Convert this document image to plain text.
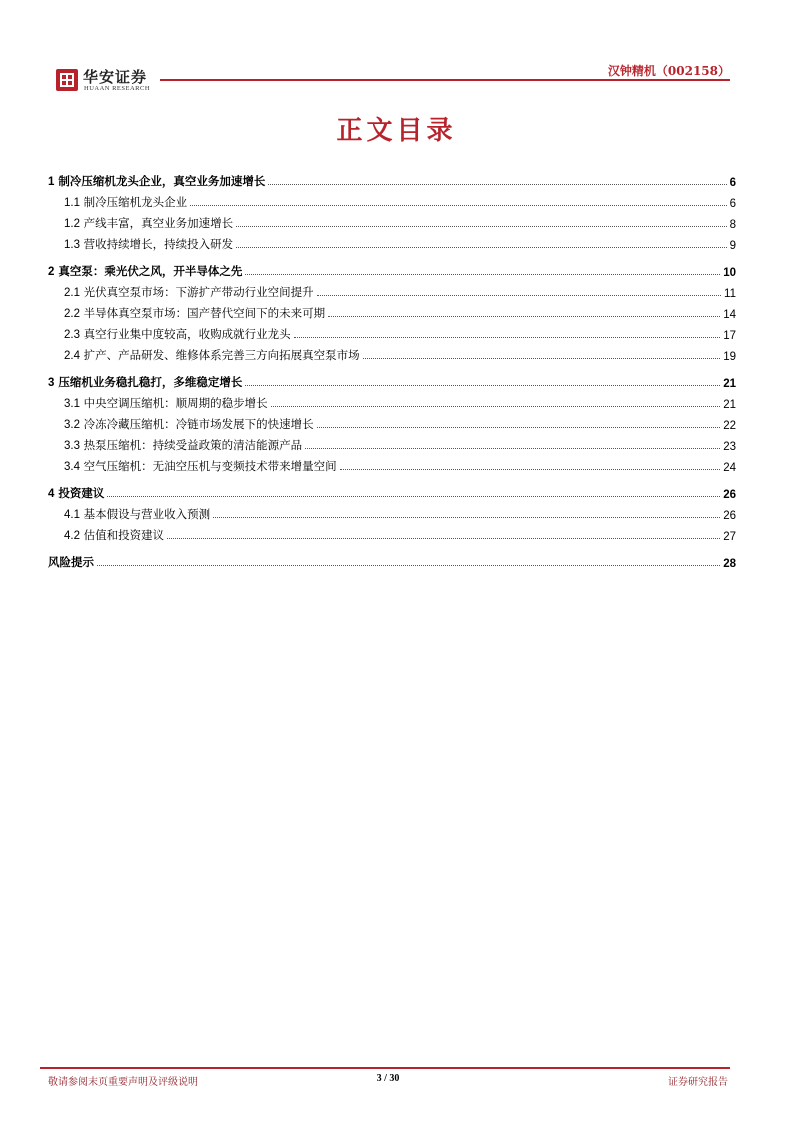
华安证券
HUAAN RESEARCH
汉钟精机（002158）
正文目录
1 制冷压缩机龙头企业，真空业务加速增长	6
1.1 制冷压缩机龙头企业	6
1.2 产线丰富，真空业务加速增长	8
1.3 营收持续增长，持续投入研发	9
2 真空泵：乘光伏之风，开半导体之先	10
2.1 光伏真空泵市场：下游扩产带动行业空间提升	11
2.2 半导体真空泵市场：国产替代空间下的未来可期	14
2.3 真空行业集中度较高，收购成就行业龙头	17
2.4 扩产、产品研发、维修体系完善三方向拓展真空泵市场	19
3 压缩机业务稳扎稳打，多维稳定增长	21
3.1 中央空调压缩机：顺周期的稳步增长	21
3.2 冷冻冷藏压缩机：冷链市场发展下的快速增长	22
3.3 热泵压缩机：持续受益政策的清洁能源产品	23
3.4 空气压缩机：无油空压机与变频技术带来增量空间	24
4 投资建议	26
4.1 基本假设与营业收入预测	26
4.2 估值和投资建议	27
风险提示	28
敬请参阅末页重要声明及评级说明	3 / 30	证券研究报告
